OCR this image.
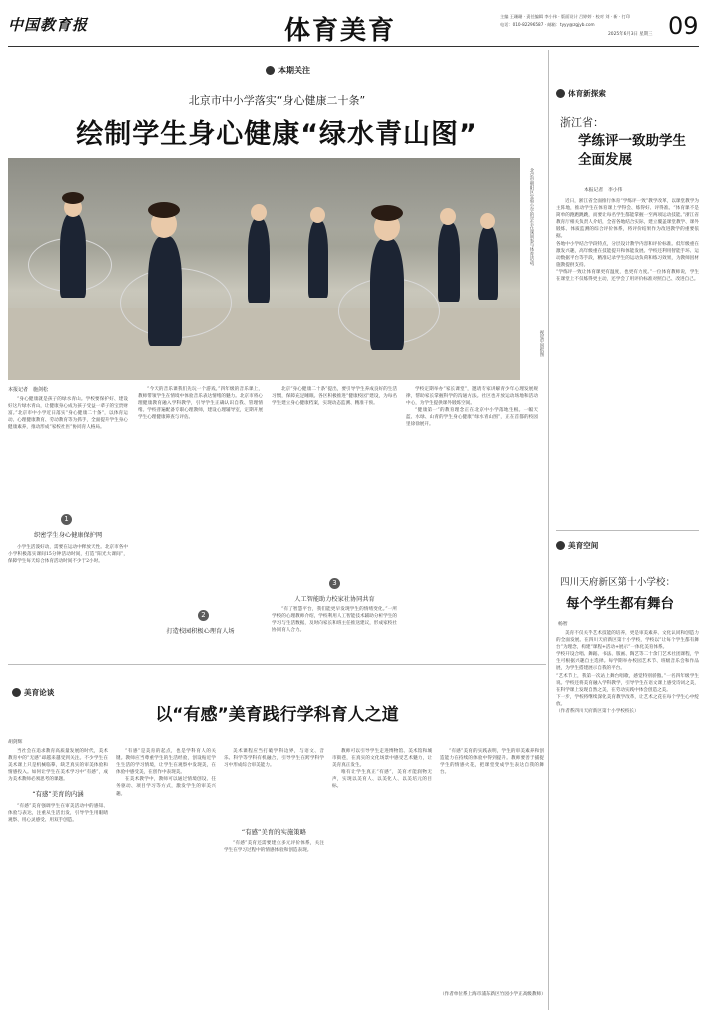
中国教育报	体育美育	主编 王珊珊 · 责任编辑 李小伟 · 版面设计 吕婷婷 · 校对 刘 · 新 · 打印
电话：010-82296587 · 邮箱：tyyy@zgjyb.com
2025年6月3日 星期三 09
本期关注
北京市中小学落实“身心健康二十条”
绘制学生身心健康“绿水青山图”
北京市朝阳区实验小学的学生在课间参与体育活动。
视觉中国供图
本报记者　施剑松

“身心健康就是孩子的绿水青山。学校要保护好、建设好这片绿水青山，让健康身心成为孩子受益一辈子的宝贵财富。”北京市中小学近日落实“身心健康二十条”，以体育运动、心理健康教育、劳动教育等为抓手，全面提升学生身心健康素养，推动形成“家校社医”协同育人格局。

1
织密学生身心健康保护网

小学生活泼好动，需要在运动中释放天性。北京市各中小学积极落实课间15分钟活动时间，打造“阳光大课间”，保障学生每天综合体育活动时间不少于2小时。

“今天的音乐课我们先玩一个游戏。”四年级的音乐课上，教师带领学生在情境中体验音乐表达情绪的魅力。北京市将心理健康教育融入学科教学，引导学生正确认识自我、管理情绪。学校普遍配备专职心理教师，建设心理辅导室，定期开展学生心理健康筛查与评估。

2
打造校园积极心理育人场

北京“身心健康二十条”提出，要引导学生养成良好的生活习惯，保障充足睡眠。各区积极推进“健康校园”建设，为每名学生建立身心健康档案，实现动态监测、精准干预。

3
人工智能助力校家社协同共育

“有了智慧平台，我们能更早发现学生的情绪变化。”一所学校的心理教师介绍，学校利用人工智能技术辅助分析学生的学习与生活数据，及时向家长和班主任推送建议，形成家校社协同育人合力。

学校定期举办“家长课堂”，邀请专家讲解青少年心理发展规律，帮助家长掌握科学的沟通方法。社区也开放运动场地和活动中心，为学生提供课外锻炼空间。

“健康第一”的教育理念正在北京中小学落地生根。一幅天蓝、水绿、山青的学生身心健康“绿水青山图”，正在首都的校园里徐徐展开。

体育新探索
浙江省：
学练评一致助学生全面发展
本报记者　李小伟
近日，浙江省全面推行体育“学练评一致”教学改革，以课堂教学为主阵地，推动学生在体育课上学得会、练得好、评得准。“体育课不是简单的跑跑跳跳，而要让每名学生都能掌握一至两项运动技能。”浙江省教育厅相关负责人介绍，全省各地结合实际，建立覆盖课堂教学、课外锻炼、体质监测的综合评价体系，将评价结果作为改进教学的重要依据。
各地中小学结合学段特点，分层设计教学内容和评价标准。低年级重在激发兴趣，高年级重在技能提升和体能发展。学校还利用智能手环、运动数据平台等手段，精准记录学生的运动负荷和练习效果，为教师因材施教提供支持。
“学练评一致让体育课更有温度，也更有力度。”一位体育教师说，学生在课堂上不仅练得更主动，还学会了用评价标准对照自己、改进自己。
美育空间
四川天府新区第十小学校：
每个学生都有舞台
杨智
美育不仅关乎艺术技能的培养，更是审美素养、文化认同和创造力的全面发展。在四川天府新区第十小学校，学校以“让每个学生都有舞台”为理念，构建“课程+活动+展示”一体化美育体系。
学校开设合唱、舞蹈、书法、版画、陶艺等二十余门艺术社团课程，学生可根据兴趣自主选择。每学期举办校园艺术节、班级音乐会和作品展，为学生搭建展示自我的平台。
“艺术节上，我第一次站上舞台唱歌，感觉特别骄傲。”一名四年级学生说。学校还将美育融入学科教学，引导学生在语文课上感受诗词之美，在科学课上发现自然之美，在劳动实践中体会创造之美。
下一步，学校将继续深化美育教学改革，让艺术之花在每个学生心中绽放。
（作者系四川天府新区第十小学校校长）
美育论谈
以“有感”美育践行学科育人之道
胡剑辉

当社会在追求教育高质量发展的时代，美术教育中的“无感”却越来越受到关注。不少学生在美术课上只是机械临摹，缺乏真实的审美体验和情感投入。如何让学生在美术学习中“有感”，成为美术教师必须思考的课题。

“有感”美育的内涵

“有感”美育强调学生在审美活动中的感知、体验与表达，注重从生活出发，引导学生用眼睛观察、用心灵感受、用双手创造。

“有感”是美育的起点，也是学科育人的关键。教师应当尊重学生的生活经验，创设贴近学生生活的学习情境，让学生在观察中发现美，在体验中感受美，在创作中表现美。

在美术教学中，教师可以通过情境创设、任务驱动、项目学习等方式，激发学生的审美兴趣。

美术课程应当打破学科边界，与语文、音乐、科学等学科有机融合，引导学生在跨学科学习中形成综合审美能力。

“有感”美育的实施策略

“有感”美育还需要建立多元评价体系，关注学生在学习过程中的情感体验和创造表现。

教师可以引导学生走进博物馆、美术馆和城市街巷，在真实的文化场景中感受艺术魅力，让美育真正发生。

唯有让学生真正“有感”，美育才能润物无声，实现以美育人、以美化人、以美培元的目标。

“有感”美育的实践表明，学生的审美素养和创造能力在持续的体验中得到提升。教师要善于捕捉学生的情感火花，把课堂变成学生表达自我的舞台。

（作者单位系上海市浦东新区竹园小学正高级教师）
